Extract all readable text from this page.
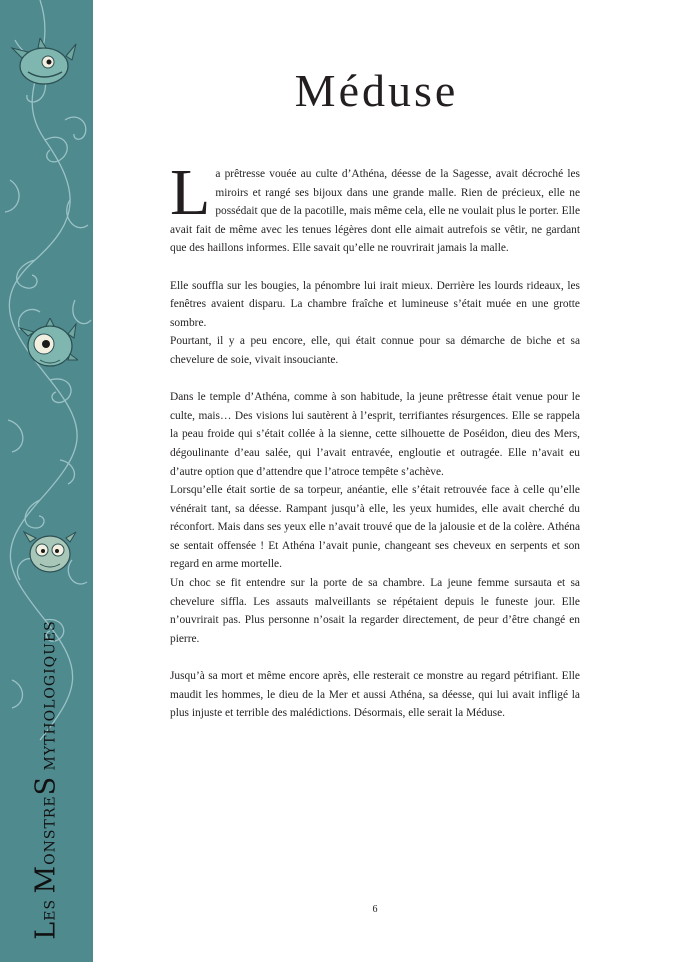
LES MONSTRES MYTHOLOGIQUES
Méduse

La prêtresse vouée au culte d’Athéna, déesse de la Sagesse, avait décroché les miroirs et rangé ses bijoux dans une grande malle. Rien de précieux, elle ne possédait que de la pacotille, mais même cela, elle ne voulait plus le porter. Elle avait fait de même avec les tenues légères dont elle aimait autrefois se vêtir, ne gardant que des haillons informes. Elle savait qu’elle ne rouvrirait jamais la malle.

Elle souffla sur les bougies, la pénombre lui irait mieux. Derrière les lourds rideaux, les fenêtres avaient disparu. La chambre fraîche et lumineuse s’était muée en une grotte sombre.

Pourtant, il y a peu encore, elle, qui était connue pour sa démarche de biche et sa chevelure de soie, vivait insouciante.

Dans le temple d’Athéna, comme à son habitude, la jeune prêtresse était venue pour le culte, mais… Des visions lui sautèrent à l’esprit, terrifiantes résurgences. Elle se rappela la peau froide qui s’était collée à la sienne, cette silhouette de Poséidon, dieu des Mers, dégoulinante d’eau salée, qui l’avait entravée, engloutie et outragée. Elle n’avait eu d’autre option que d’attendre que l’atroce tempête s’achève.

Lorsqu’elle était sortie de sa torpeur, anéantie, elle s’était retrouvée face à celle qu’elle vénérait tant, sa déesse. Rampant jusqu’à elle, les yeux humides, elle avait cherché du réconfort. Mais dans ses yeux elle n’avait trouvé que de la jalousie et de la colère. Athéna se sentait offensée ! Et Athéna l’avait punie, changeant ses cheveux en serpents et son regard en arme mortelle.

Un choc se fit entendre sur la porte de sa chambre. La jeune femme sursauta et sa chevelure siffla. Les assauts malveillants se répétaient depuis le funeste jour. Elle n’ouvrirait pas. Plus personne n’osait la regarder directement, de peur d’être changé en pierre.

Jusqu’à sa mort et même encore après, elle resterait ce monstre au regard pétrifiant. Elle maudit les hommes, le dieu de la Mer et aussi Athéna, sa déesse, qui lui avait infligé la plus injuste et terrible des malédictions. Désormais, elle serait la Méduse.

6
